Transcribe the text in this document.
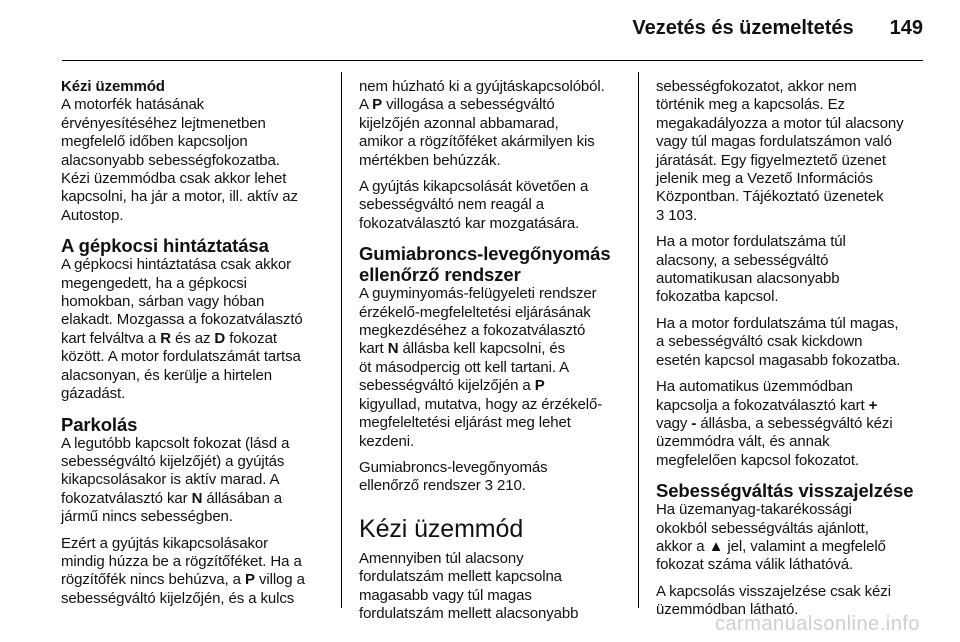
Vezetés és üzemeltetés 149
Kézi üzemmód
A motorfék hatásának
érvényesítéséhez lejtmenetben
megfelelő időben kapcsoljon
alacsonyabb sebességfokozatba.
Kézi üzemmódba csak akkor lehet
kapcsolni, ha jár a motor, ill. aktív az
Autostop.
A gépkocsi hintáztatása
A gépkocsi hintáztatása csak akkor
megengedett, ha a gépkocsi
homokban, sárban vagy hóban
elakadt. Mozgassa a fokozatválasztó
kart felváltva a R és az D fokozat
között. A motor fordulatszámát tartsa
alacsonyan, és kerülje a hirtelen
gázadást.
Parkolás
A legutóbb kapcsolt fokozat (lásd a
sebességváltó kijelzőjét) a gyújtás
kikapcsolásakor is aktív marad. A
fokozatválasztó kar N állásában a
jármű nincs sebességben.
Ezért a gyújtás kikapcsolásakor
mindig húzza be a rögzítőféket. Ha a
rögzítőfék nincs behúzva, a P villog a
sebességváltó kijelzőjén, és a kulcs
nem húzható ki a gyújtáskapcsolóból.
A P villogása a sebességváltó
kijelzőjén azonnal abbamarad,
amikor a rögzítőféket akármilyen kis
mértékben behúzzák.
A gyújtás kikapcsolását követően a
sebességváltó nem reagál a
fokozatválasztó kar mozgatására.
Gumiabroncs-levegőnyomás
ellenőrző rendszer
A guyminyomás-felügyeleti rendszer
érzékelő-megfeleltetési eljárásának
megkezdéséhez a fokozatválasztó
kart N állásba kell kapcsolni, és
öt másodpercig ott kell tartani. A
sebességváltó kijelzőjén a P
kigyullad, mutatva, hogy az érzékelő-
megfeleltetési eljárást meg lehet
kezdeni.
Gumiabroncs-levegőnyomás
ellenőrző rendszer 3 210.
Kézi üzemmód
Amennyiben túl alacsony
fordulatszám mellett kapcsolna
magasabb vagy túl magas
fordulatszám mellett alacsonyabb
sebességfokozatot, akkor nem
történik meg a kapcsolás. Ez
megakadályozza a motor túl alacsony
vagy túl magas fordulatszámon való
járatását. Egy figyelmeztető üzenet
jelenik meg a Vezető Információs
Központban. Tájékoztató üzenetek
3 103.
Ha a motor fordulatszáma túl
alacsony, a sebességváltó
automatikusan alacsonyabb
fokozatba kapcsol.
Ha a motor fordulatszáma túl magas,
a sebességváltó csak kickdown
esetén kapcsol magasabb fokozatba.
Ha automatikus üzemmódban
kapcsolja a fokozatválasztó kart +
vagy - állásba, a sebességváltó kézi
üzemmódra vált, és annak
megfelelően kapcsol fokozatot.
Sebességváltás visszajelzése
Ha üzemanyag-takarékossági
okokból sebességváltás ajánlott,
akkor a ▲ jel, valamint a megfelelő
fokozat száma válik láthatóvá.
A kapcsolás visszajelzése csak kézi
üzemmódban látható.
carmanualsonline.info
